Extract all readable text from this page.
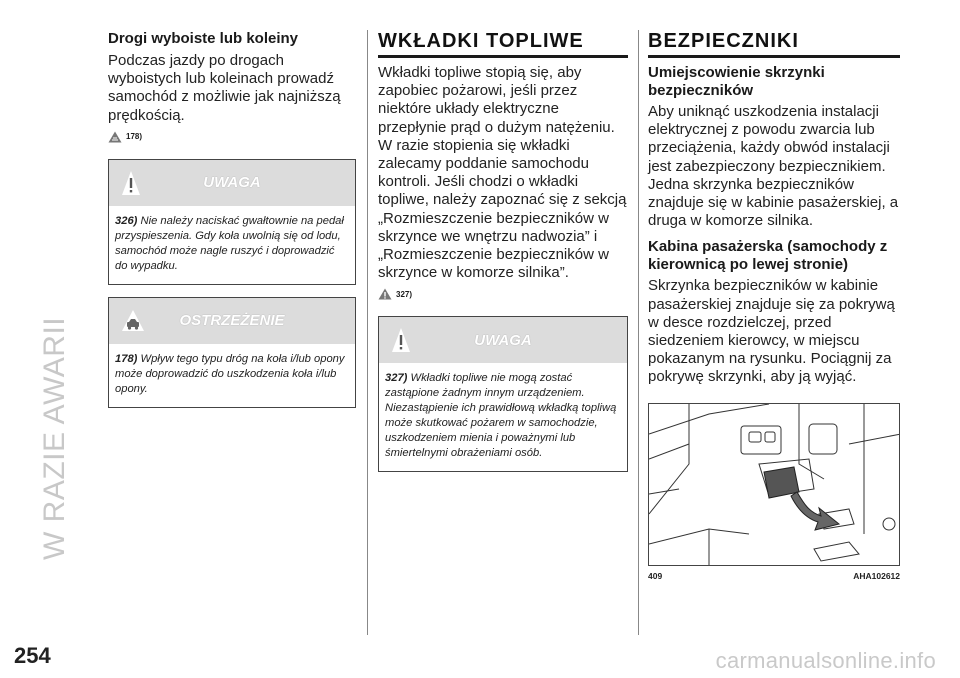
W RAZIE AWARII
Drogi wyboiste lub koleiny

Podczas jazdy po drogach wyboistych lub koleinach prowadź samochód z możliwie jak najniższą prędkością.

178)
UWAGA
326) Nie należy naciskać gwałtownie na pedał przyspieszenia. Gdy koła uwolnią się od lodu, samochód może nagle ruszyć i doprowadzić do wypadku.
OSTRZEŻENIE
178) Wpływ tego typu dróg na koła i/lub opony może doprowadzić do uszkodzenia koła i/lub opony.
WKŁADKI TOPLIWE

Wkładki topliwe stopią się, aby zapobiec pożarowi, jeśli przez niektóre układy elektryczne przepłynie prąd o dużym natężeniu. W razie stopienia się wkładki zalecamy poddanie samochodu kontroli. Jeśli chodzi o wkładki topliwe, należy zapoznać się z sekcją „Rozmieszczenie bezpieczników w skrzynce we wnętrzu nadwozia” i „Rozmieszczenie bezpieczników w skrzynce w komorze silnika”.

327)
UWAGA
327) Wkładki topliwe nie mogą zostać zastąpione żadnym innym urządzeniem. Niezastąpienie ich prawidłową wkładką topliwą może skutkować pożarem w samochodzie, uszkodzeniem mienia i poważnymi lub śmiertelnymi obrażeniami osób.
BEZPIECZNIKI
Umiejscowienie skrzynki bezpieczników

Aby uniknąć uszkodzenia instalacji elektrycznej z powodu zwarcia lub przeciążenia, każdy obwód instalacji jest zabezpieczony bezpiecznikiem. Jedna skrzynka bezpieczników znajduje się w kabinie pasażerskiej, a druga w komorze silnika.

Kabina pasażerska (samochody z kierownicą po lewej stronie)

Skrzynka bezpieczników w kabinie pasażerskiej znajduje się za pokrywą w desce rozdzielczej, przed siedzeniem kierowcy, w miejscu pokazanym na rysunku. Pociągnij za pokrywę skrzynki, aby ją wyjąć.

409	AHA102612
254	carmanualsonline.info
